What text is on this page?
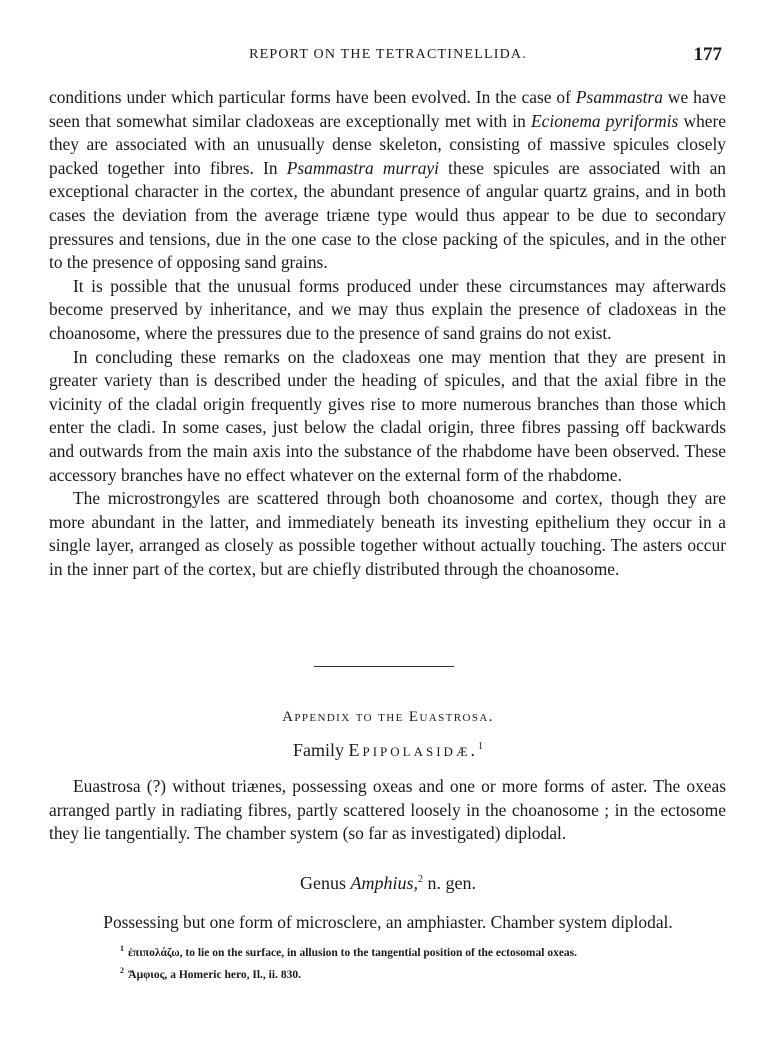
REPORT ON THE TETRACTINELLIDA.	177

conditions under which particular forms have been evolved. In the case of Psammastra we have seen that somewhat similar cladoxeas are exceptionally met with in Ecionema pyriformis where they are associated with an unusually dense skeleton, consisting of massive spicules closely packed together into fibres. In Psammastra murrayi these spicules are associated with an exceptional character in the cortex, the abundant presence of angular quartz grains, and in both cases the deviation from the average triæne type would thus appear to be due to secondary pressures and tensions, due in the one case to the close packing of the spicules, and in the other to the presence of opposing sand grains.

It is possible that the unusual forms produced under these circumstances may afterwards become preserved by inheritance, and we may thus explain the presence of cladoxeas in the choanosome, where the pressures due to the presence of sand grains do not exist.

In concluding these remarks on the cladoxeas one may mention that they are present in greater variety than is described under the heading of spicules, and that the axial fibre in the vicinity of the cladal origin frequently gives rise to more numerous branches than those which enter the cladi. In some cases, just below the cladal origin, three fibres passing off backwards and outwards from the main axis into the substance of the rhabdome have been observed. These accessory branches have no effect whatever on the external form of the rhabdome.

The microstrongyles are scattered through both choanosome and cortex, though they are more abundant in the latter, and immediately beneath its investing epithelium they occur in a single layer, arranged as closely as possible together without actually touching. The asters occur in the inner part of the cortex, but are chiefly distributed through the choanosome.

Appendix to the Euastrosa.
Family Epipolasidæ.$^1$

Euastrosa (?) without triænes, possessing oxeas and one or more forms of aster. The oxeas arranged partly in radiating fibres, partly scattered loosely in the choanosome ; in the ectosome they lie tangentially. The chamber system (so far as investigated) diplodal.

Genus Amphius,$^2$ n. gen.
Possessing but one form of microsclere, an amphiaster. Chamber system diplodal.
$^1$ ἐπιπολάζω, to lie on the surface, in allusion to the tangential position of the ectosomal oxeas.
$^2$ Ἄμφιος, a Homeric hero, Il., ii. 830.
